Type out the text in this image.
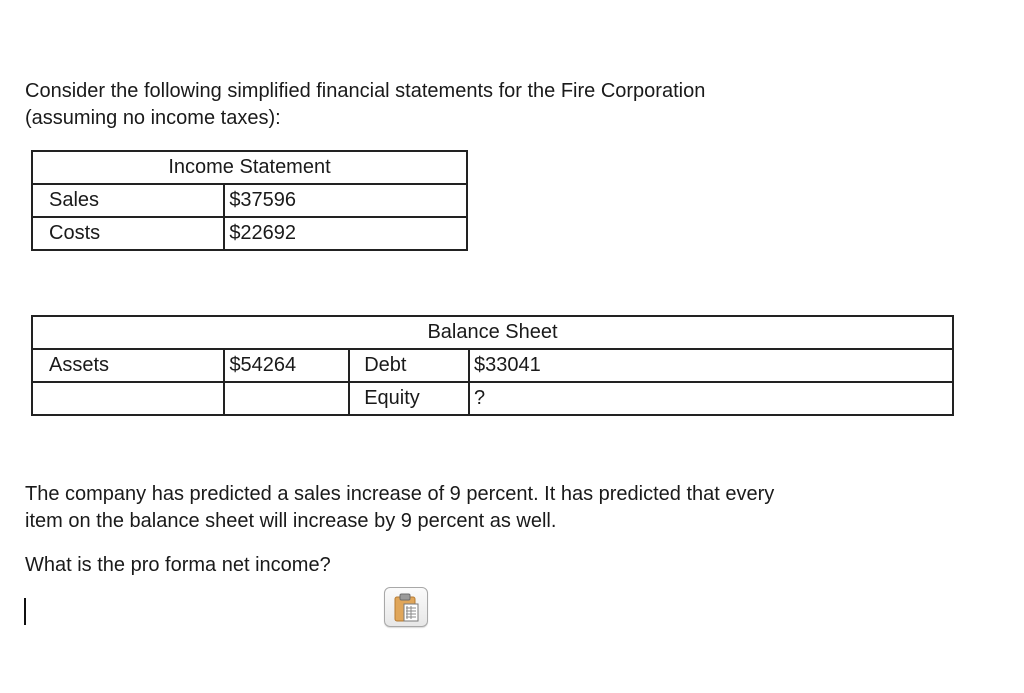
Consider the following simplified financial statements for the Fire Corporation
(assuming no income taxes):
Income Statement	
Sales	$37596
Costs	$22692
Balance Sheet			
Assets	$54264	Debt	$33041
		Equity	?
The company has predicted a sales increase of 9 percent. It has predicted that every
item on the balance sheet will increase by 9 percent as well.
What is the pro forma net income?
